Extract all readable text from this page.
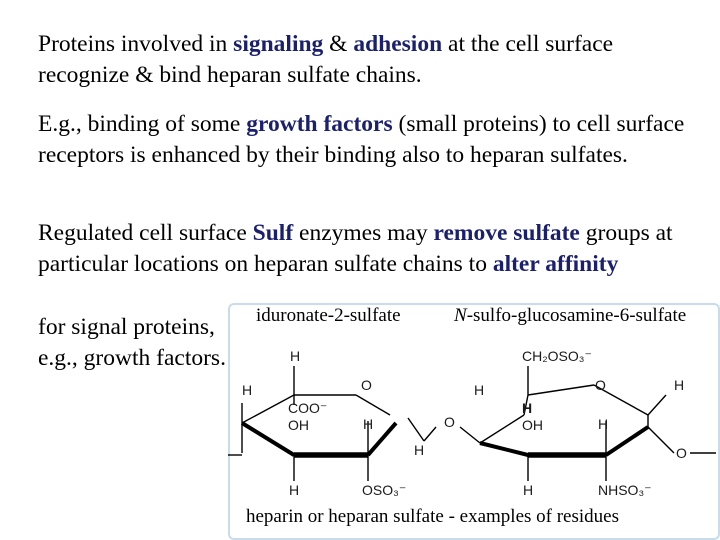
Proteins involved in signaling & adhesion at the cell surface recognize & bind heparan sulfate chains.

E.g., binding of some growth factors (small proteins) to cell surface receptors is enhanced by their binding also to heparan sulfates.

Regulated cell surface Sulf enzymes may remove sulfate groups at particular locations on heparan sulfate chains to alter affinity

for signal proteins, e.g., growth factors.

iduronate-2-sulfate	N-sulfo-glucosamine-6-sulfate
H
H	O
COO⁻
OH	H
H
H	OSO₃⁻
O
CH₂OSO₃⁻
O	H
H
H
OH	H
O
H	NHSO₃⁻
heparin or heparan sulfate - examples of residues
